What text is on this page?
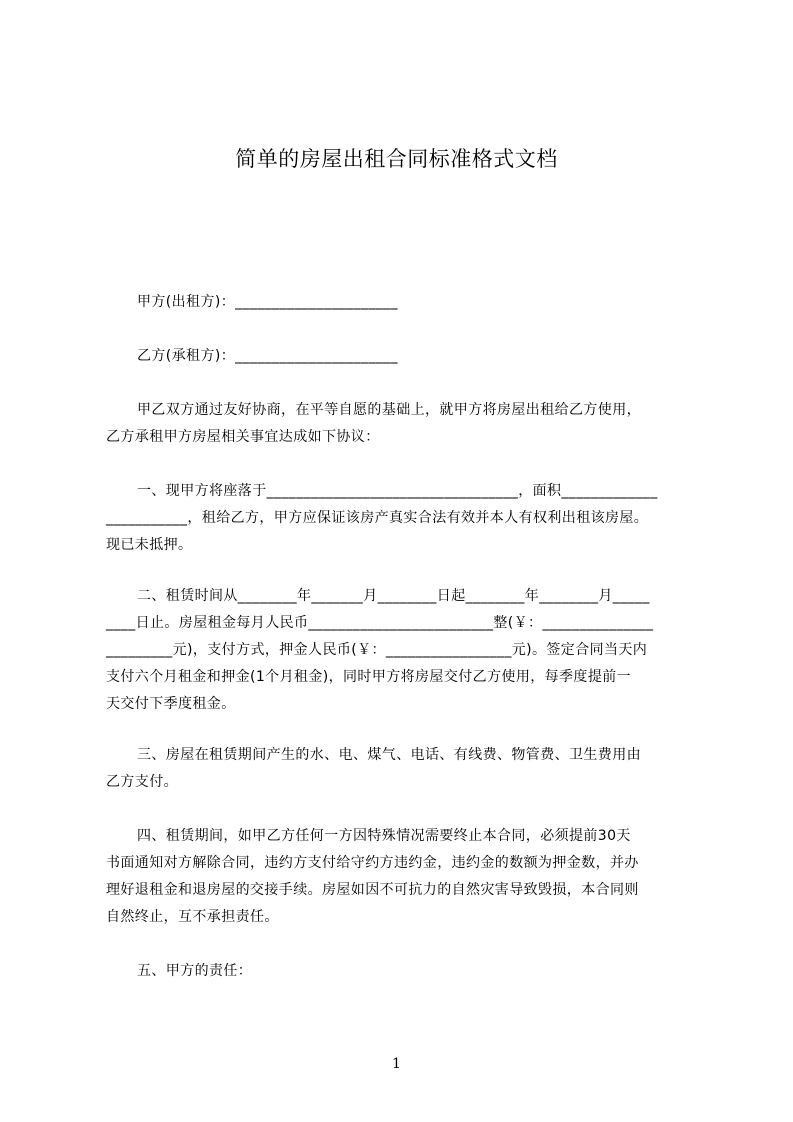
简单的房屋出租合同标准格式文档
甲方(出租方)：______________________
乙方(承租方)：______________________
甲乙双方通过友好协商，在平等自愿的基础上，就甲方将房屋出租给乙方使用，
乙方承租甲方房屋相关事宜达成如下协议：
一、现甲方将座落于__________________________________，面积_____________
___________，租给乙方，甲方应保证该房产真实合法有效并本人有权利出租该房屋。
现已未抵押。
二、租赁时间从________年_______月________日起________年________月_____
____日止。房屋租金每月人民币_________________________整(￥：_______________
_________元)，支付方式，押金人民币(￥：_________________元)。签定合同当天内
支付六个月租金和押金(1个月租金)，同时甲方将房屋交付乙方使用，每季度提前一
天交付下季度租金。
三、房屋在租赁期间产生的水、电、煤气、电话、有线费、物管费、卫生费用由
乙方支付。
四、租赁期间，如甲乙方任何一方因特殊情况需要终止本合同，必须提前30天
书面通知对方解除合同，违约方支付给守约方违约金，违约金的数额为押金数，并办
理好退租金和退房屋的交接手续。房屋如因不可抗力的自然灾害导致毁损，本合同则
自然终止，互不承担责任。
五、甲方的责任：
1
